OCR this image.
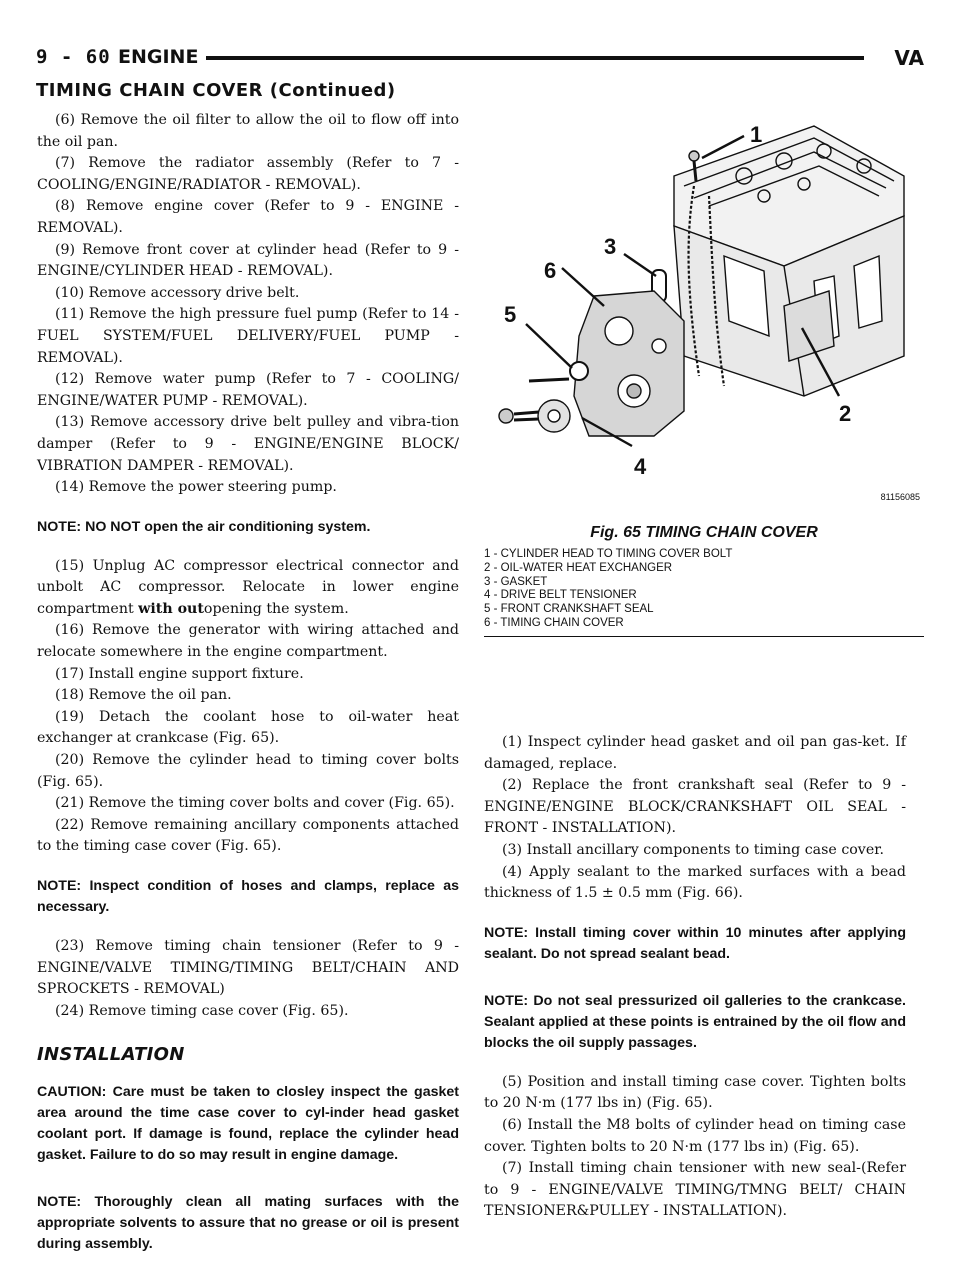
9 - 60 ENGINE	VA
TIMING CHAIN COVER (Continued)

(6) Remove the oil filter to allow the oil to flow off into the oil pan.

(7) Remove the radiator assembly (Refer to 7 - COOLING/ENGINE/RADIATOR - REMOVAL).

(8) Remove engine cover (Refer to 9 - ENGINE - REMOVAL).

(9) Remove front cover at cylinder head (Refer to 9 - ENGINE/CYLINDER HEAD - REMOVAL).

(10) Remove accessory drive belt.

(11) Remove the high pressure fuel pump (Refer to 14 - FUEL SYSTEM/FUEL DELIVERY/FUEL PUMP - REMOVAL).

(12) Remove water pump (Refer to 7 - COOLING/ ENGINE/WATER PUMP - REMOVAL).

(13) Remove accessory drive belt pulley and vibra-tion damper (Refer to 9 - ENGINE/ENGINE BLOCK/ VIBRATION DAMPER - REMOVAL).

(14) Remove the power steering pump.

NOTE: NO NOT open the air conditioning system.

(15) Unplug AC compressor electrical connector and unbolt AC compressor. Relocate in lower engine compartment with outopening the system.

(16) Remove the generator with wiring attached and relocate somewhere in the engine compartment.

(17) Install engine support fixture.

(18) Remove the oil pan.

(19) Detach the coolant hose to oil-water heat exchanger at crankcase (Fig. 65).

(20) Remove the cylinder head to timing cover bolts (Fig. 65).

(21) Remove the timing cover bolts and cover (Fig. 65).

(22) Remove remaining ancillary components attached to the timing case cover (Fig. 65).

NOTE: Inspect condition of hoses and clamps, replace as necessary.

(23) Remove timing chain tensioner (Refer to 9 - ENGINE/VALVE TIMING/TIMING BELT/CHAIN AND SPROCKETS - REMOVAL)

(24) Remove timing case cover (Fig. 65).

INSTALLATION

CAUTION: Care must be taken to closley inspect the gasket area around the time case cover to cyl-inder head gasket coolant port. If damage is found, replace the cylinder head gasket. Failure to do so may result in engine damage.

NOTE: Thoroughly clean all mating surfaces with the appropriate solvents to assure that no grease or oil is present during assembly.

1
2
3
4
5
6
81156085
Fig. 65 TIMING CHAIN COVER
1 - CYLINDER HEAD TO TIMING COVER BOLT
2 - OIL-WATER HEAT EXCHANGER
3 - GASKET
4 - DRIVE BELT TENSIONER
5 - FRONT CRANKSHAFT SEAL
6 - TIMING CHAIN COVER

(1) Inspect cylinder head gasket and oil pan gas-ket. If damaged, replace.

(2) Replace the front crankshaft seal (Refer to 9 - ENGINE/ENGINE BLOCK/CRANKSHAFT OIL SEAL - FRONT - INSTALLATION).

(3) Install ancillary components to timing case cover.

(4) Apply sealant to the marked surfaces with a bead thickness of 1.5 ± 0.5 mm (Fig. 66).

NOTE: Install timing cover within 10 minutes after applying sealant. Do not spread sealant bead.

NOTE: Do not seal pressurized oil galleries to the crankcase. Sealant applied at these points is entrained by the oil flow and blocks the oil supply passages.

(5) Position and install timing case cover. Tighten bolts to 20 N·m (177 lbs in) (Fig. 65).

(6) Install the M8 bolts of cylinder head on timing case cover. Tighten bolts to 20 N·m (177 lbs in) (Fig. 65).

(7) Install timing chain tensioner with new seal-(Refer to 9 - ENGINE/VALVE TIMING/TMNG BELT/ CHAIN TENSIONER&PULLEY - INSTALLATION).
